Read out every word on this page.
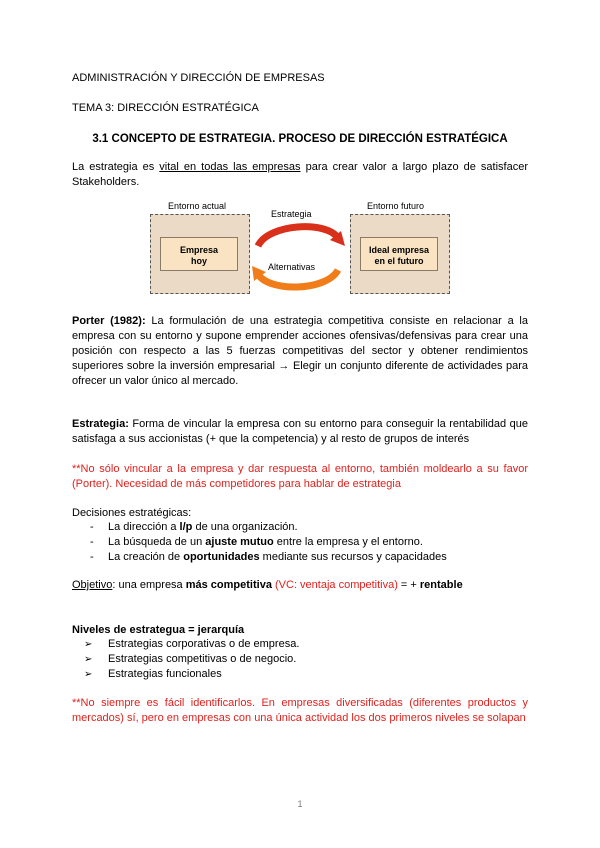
ADMINISTRACIÓN Y DIRECCIÓN DE EMPRESAS
TEMA 3: DIRECCIÓN ESTRATÉGICA
3.1 CONCEPTO DE ESTRATEGIA. PROCESO DE DIRECCIÓN ESTRATÉGICA
La estrategia es vital en todas las empresas para crear valor a largo plazo de satisfacer Stakeholders.
Entorno actual
Empresa
hoy
Estrategia
Alternativas
Entorno futuro
Ideal empresa
en el futuro
Porter (1982): La formulación de una estrategia competitiva consiste en relacionar a la empresa con su entorno y supone emprender acciones ofensivas/defensivas para crear una posición con respecto a las 5 fuerzas competitivas del sector y obtener rendimientos superiores sobre la inversión empresarial → Elegir un conjunto diferente de actividades para ofrecer un valor único al mercado.
Estrategia: Forma de vincular la empresa con su entorno para conseguir la rentabilidad que satisfaga a sus accionistas (+ que la competencia) y al resto de grupos de interés
**No sólo vincular a la empresa y dar respuesta al entorno, también moldearlo a su favor (Porter). Necesidad de más competidores para hablar de estrategia
Decisiones estratégicas:
- La dirección a l/p de una organización.
- La búsqueda de un ajuste mutuo entre la empresa y el entorno.
- La creación de oportunidades mediante sus recursos y capacidades
Objetivo: una empresa más competitiva (VC: ventaja competitiva) = + rentable
Niveles de estrategua = jerarquía
➢ Estrategias corporativas o de empresa.
➢ Estrategias competitivas o de negocio.
➢ Estrategias funcionales
**No siempre es fácil identificarlos. En empresas diversificadas (diferentes productos y mercados) sí, pero en empresas con una única actividad los dos primeros niveles se solapan
1
